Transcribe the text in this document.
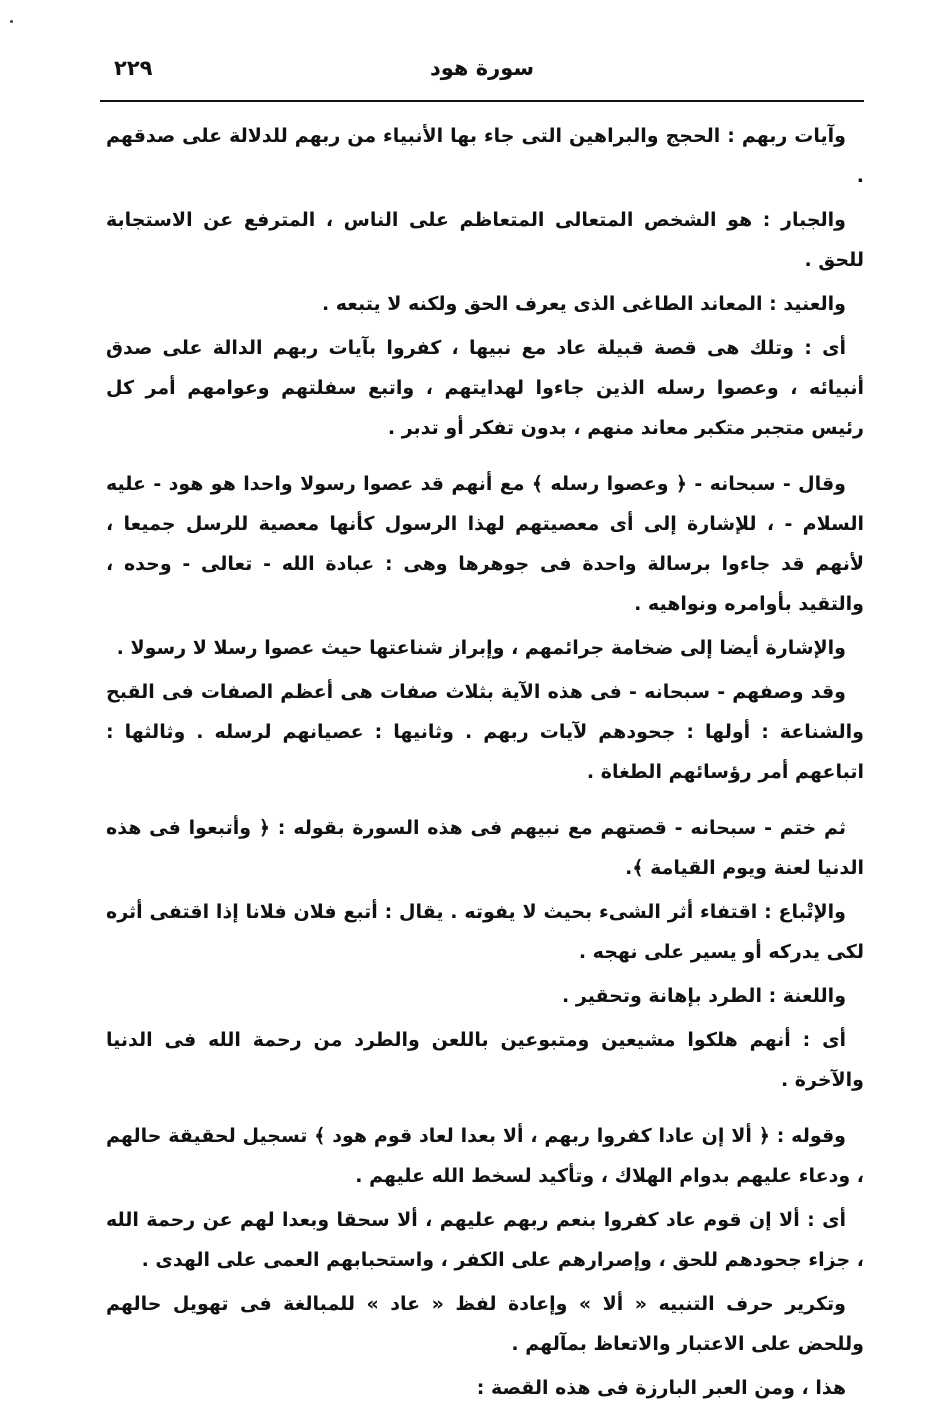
سورة هود
٢٢٩

وآيات ربهم : الحجج والبراهين التى جاء بها الأنبياء من ربهم للدلالة على صدقهم .

والجبار : هو الشخص المتعالى المتعاظم على الناس ، المترفع عن الاستجابة للحق .

والعنيد : المعاند الطاغى الذى يعرف الحق ولكنه لا يتبعه .

أى : وتلك هى قصة قبيلة عاد مع نبيها ، كفروا بآيات ربهم الدالة على صدق أنبيائه ، وعصوا رسله الذين جاءوا لهدايتهم ، واتبع سفلتهم وعوامهم أمر كل رئيس متجبر متكبر معاند منهم ، بدون تفكر أو تدبر .

وقال - سبحانه - ﴿ وعصوا رسله ﴾ مع أنهم قد عصوا رسولا واحدا هو هود - عليه السلام - ، للإشارة إلى أى معصيتهم لهذا الرسول كأنها معصية للرسل جميعا ، لأنهم قد جاءوا برسالة واحدة فى جوهرها وهى : عبادة الله - تعالى - وحده ، والتقيد بأوامره ونواهيه .

والإشارة أيضا إلى ضخامة جرائمهم ، وإبراز شناعتها حيث عصوا رسلا لا رسولا .

وقد وصفهم - سبحانه - فى هذه الآية بثلاث صفات هى أعظم الصفات فى القبح والشناعة : أولها : جحودهم لآيات ربهم . وثانيها : عصيانهم لرسله . وثالثها : اتباعهم أمر رؤسائهم الطغاة .

ثم ختم - سبحانه - قصتهم مع نبيهم فى هذه السورة بقوله : ﴿ وأتبعوا فى هذه الدنيا لعنة ويوم القيامة ﴾.

والإتْباع : اقتفاء أثر الشىء بحيث لا يفوته . يقال : أتبع فلان فلانا إذا اقتفى أثره لكى يدركه أو يسير على نهجه .

واللعنة : الطرد بإهانة وتحقير .

أى : أنهم هلكوا مشيعين ومتبوعين باللعن والطرد من رحمة الله فى الدنيا والآخرة .

وقوله : ﴿ ألا إن عادا كفروا ربهم ، ألا بعدا لعاد قوم هود ﴾ تسجيل لحقيقة حالهم ، ودعاء عليهم بدوام الهلاك ، وتأكيد لسخط الله عليهم .

أى : ألا إن قوم عاد كفروا بنعم ربهم عليهم ، ألا سحقا وبعدا لهم عن رحمة الله ، جزاء جحودهم للحق ، وإصرارهم على الكفر ، واستحبابهم العمى على الهدى .

وتكرير حرف التنبيه « ألا » وإعادة لفظ « عاد » للمبالغة فى تهويل حالهم وللحض على الاعتبار والاتعاظ بمآلهم .

هذا ، ومن العبر البارزة فى هذه القصة :
